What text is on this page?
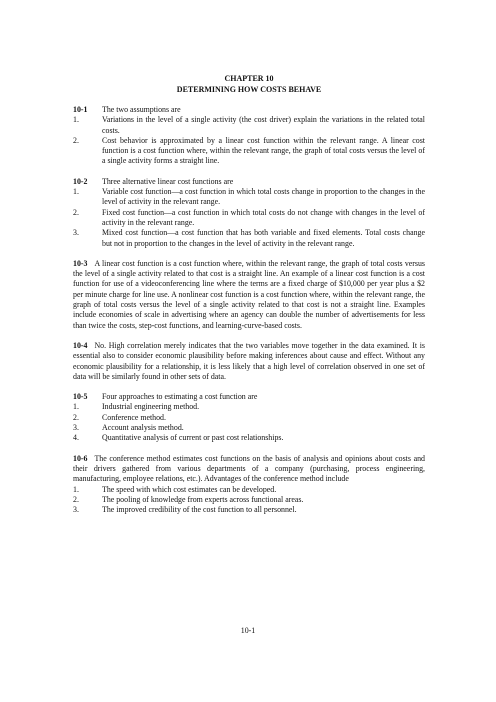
CHAPTER 10
DETERMINING HOW COSTS BEHAVE
10-1	The two assumptions are
1.	Variations in the level of a single activity (the cost driver) explain the variations in the related total costs.
2.	Cost behavior is approximated by a linear cost function within the relevant range. A linear cost function is a cost function where, within the relevant range, the graph of total costs versus the level of a single activity forms a straight line.
10-2	Three alternative linear cost functions are
1.	Variable cost function—a cost function in which total costs change in proportion to the changes in the level of activity in the relevant range.
2.	Fixed cost function—a cost function in which total costs do not change with changes in the level of activity in the relevant range.
3.	Mixed cost function—a cost function that has both variable and fixed elements. Total costs change but not in proportion to the changes in the level of activity in the relevant range.
10-3 A linear cost function is a cost function where, within the relevant range, the graph of total costs versus the level of a single activity related to that cost is a straight line. An example of a linear cost function is a cost function for use of a videoconferencing line where the terms are a fixed charge of $10,000 per year plus a $2 per minute charge for line use. A nonlinear cost function is a cost function where, within the relevant range, the graph of total costs versus the level of a single activity related to that cost is not a straight line. Examples include economies of scale in advertising where an agency can double the number of advertisements for less than twice the costs, step-cost functions, and learning-curve-based costs.
10-4 No. High correlation merely indicates that the two variables move together in the data examined. It is essential also to consider economic plausibility before making inferences about cause and effect. Without any economic plausibility for a relationship, it is less likely that a high level of correlation observed in one set of data will be similarly found in other sets of data.
10-5	Four approaches to estimating a cost function are
1.	Industrial engineering method.
2.	Conference method.
3.	Account analysis method.
4.	Quantitative analysis of current or past cost relationships.
10-6 The conference method estimates cost functions on the basis of analysis and opinions about costs and their drivers gathered from various departments of a company (purchasing, process engineering, manufacturing, employee relations, etc.). Advantages of the conference method include
1.	The speed with which cost estimates can be developed.
2.	The pooling of knowledge from experts across functional areas.
3.	The improved credibility of the cost function to all personnel.
10-1
